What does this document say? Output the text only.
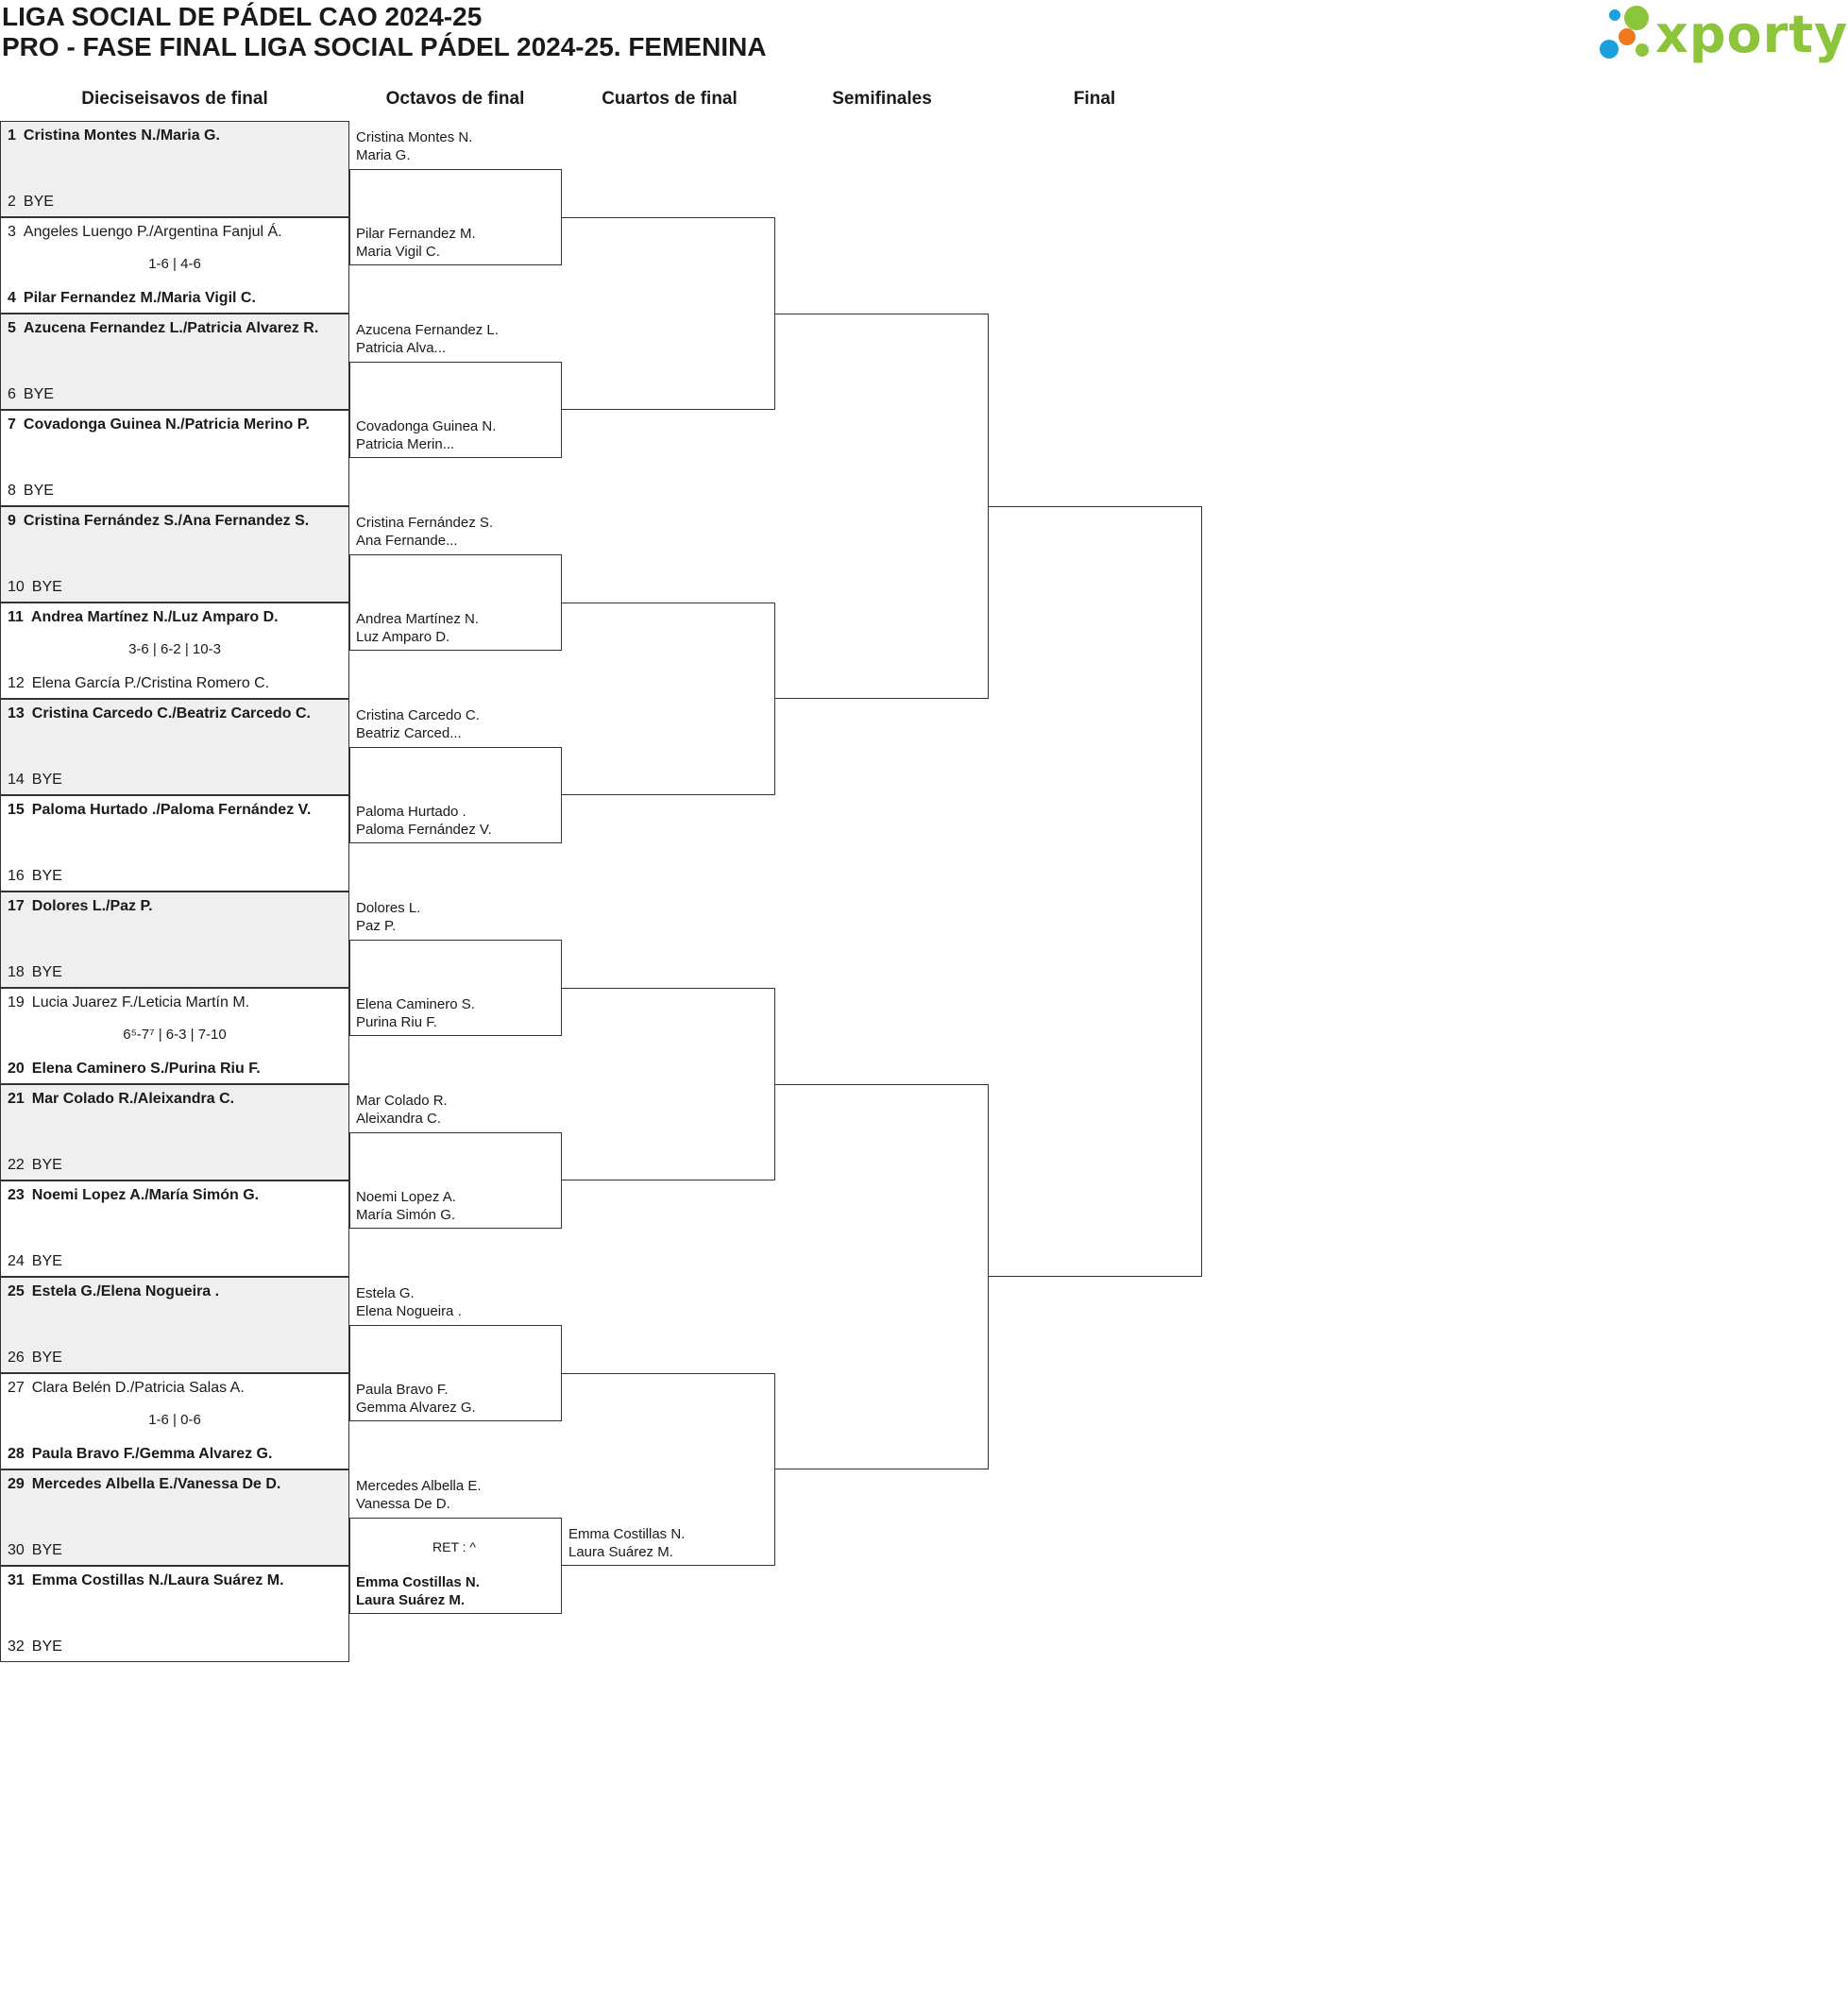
LIGA SOCIAL DE PÁDEL CAO 2024-25
PRO - FASE FINAL LIGA SOCIAL PÁDEL 2024-25. FEMENINA	xporty
Dieciseisavos de final	Octavos de final	Cuartos de final	Semifinales	Final
1 Cristina Montes N./Maria G.
2 BYE
3 Angeles Luengo P./Argentina Fanjul Á.
4 Pilar Fernandez M./Maria Vigil C.
1-6 | 4-6
5 Azucena Fernandez L./Patricia Alvarez R.
6 BYE
7 Covadonga Guinea N./Patricia Merino P.
8 BYE
9 Cristina Fernández S./Ana Fernandez S.
10 BYE
11 Andrea Martínez N./Luz Amparo D.
12 Elena García P./Cristina Romero C.
3-6 | 6-2 | 10-3
13 Cristina Carcedo C./Beatriz Carcedo C.
14 BYE
15 Paloma Hurtado ./Paloma Fernández V.
16 BYE
17 Dolores L./Paz P.
18 BYE
19 Lucia Juarez F./Leticia Martín M.
20 Elena Caminero S./Purina Riu F.
6⁵-7⁷ | 6-3 | 7-10
21 Mar Colado R./Aleixandra C.
22 BYE
23 Noemi Lopez A./María Simón G.
24 BYE
25 Estela G./Elena Nogueira .
26 BYE
27 Clara Belén D./Patricia Salas A.
28 Paula Bravo F./Gemma Alvarez G.
1-6 | 0-6
29 Mercedes Albella E./Vanessa De D.
30 BYE
31 Emma Costillas N./Laura Suárez M.
32 BYE
Cristina Montes N.
Maria G.
Pilar Fernandez M.
Maria Vigil C.
Azucena Fernandez L.
Patricia Alva...
Covadonga Guinea N.
Patricia Merin...
Cristina Fernández S.
Ana Fernande...
Andrea Martínez N.
Luz Amparo D.
Cristina Carcedo C.
Beatriz Carced...
Paloma Hurtado .
Paloma Fernández V.
Dolores L.
Paz P.
Elena Caminero S.
Purina Riu F.
Mar Colado R.
Aleixandra C.
Noemi Lopez A.
María Simón G.
Estela G.
Elena Nogueira .
Paula Bravo F.
Gemma Alvarez G.
Mercedes Albella E.
Vanessa De D.
Emma Costillas N.
Laura Suárez M.
RET : ^
Emma Costillas N.
Laura Suárez M.
